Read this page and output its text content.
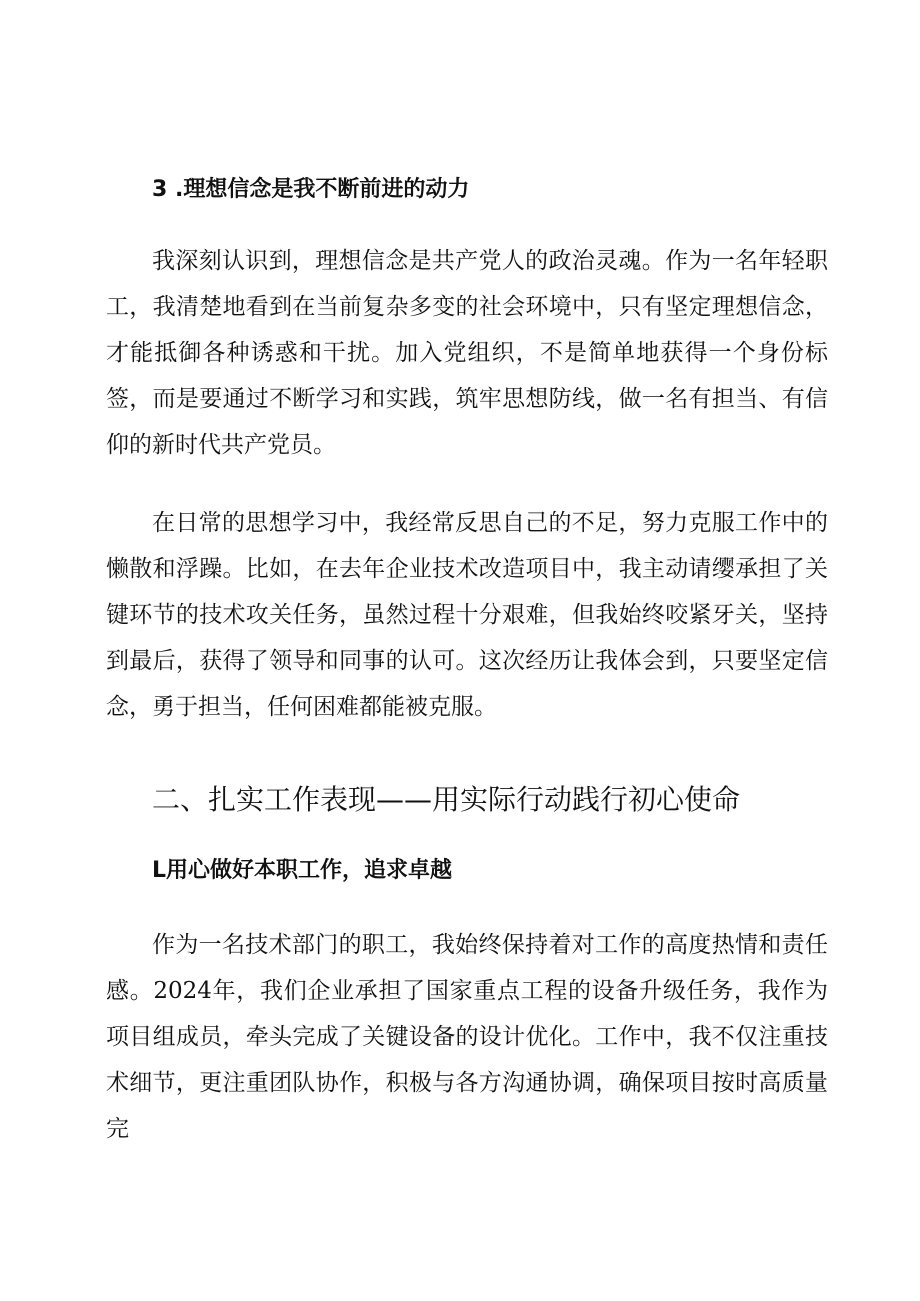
3 .理想信念是我不断前进的动力

我深刻认识到，理想信念是共产党人的政治灵魂。作为一名年轻职工，我清楚地看到在当前复杂多变的社会环境中，只有坚定理想信念，才能抵御各种诱惑和干扰。加入党组织，不是简单地获得一个身份标签，而是要通过不断学习和实践，筑牢思想防线，做一名有担当、有信仰的新时代共产党员。

在日常的思想学习中，我经常反思自己的不足，努力克服工作中的懒散和浮躁。比如，在去年企业技术改造项目中，我主动请缨承担了关键环节的技术攻关任务，虽然过程十分艰难，但我始终咬紧牙关，坚持到最后，获得了领导和同事的认可。这次经历让我体会到，只要坚定信念，勇于担当，任何困难都能被克服。

二、扎实工作表现——用实际行动践行初心使命
L用心做好本职工作，追求卓越

作为一名技术部门的职工，我始终保持着对工作的高度热情和责任感。2024年，我们企业承担了国家重点工程的设备升级任务，我作为项目组成员，牵头完成了关键设备的设计优化。工作中，我不仅注重技术细节，更注重团队协作，积极与各方沟通协调，确保项目按时高质量完
